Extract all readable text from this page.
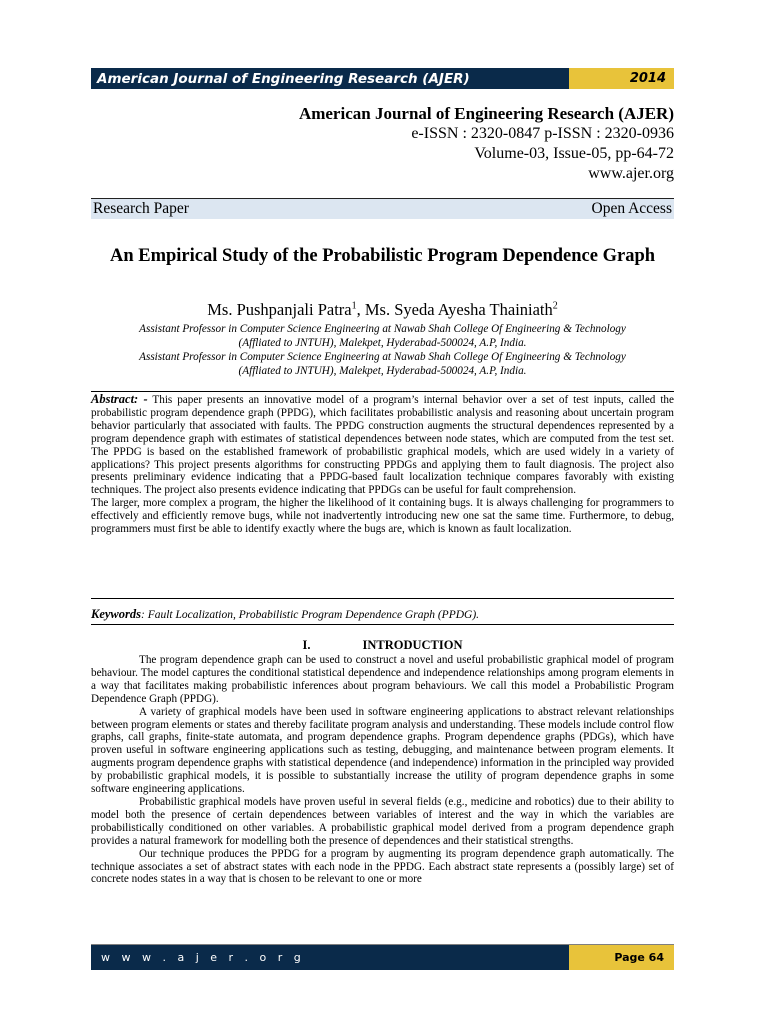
American Journal of Engineering Research (AJER)	2014
American Journal of Engineering Research (AJER)
e-ISSN : 2320-0847 p-ISSN : 2320-0936
Volume-03, Issue-05, pp-64-72
www.ajer.org
Research Paper	Open Access
An Empirical Study of the Probabilistic Program Dependence Graph
Ms. Pushpanjali Patra$^1$, Ms. Syeda Ayesha Thainiath$^2$
Assistant Professor in Computer Science Engineering at Nawab Shah College Of Engineering & Technology
(Affliated to JNTUH), Malekpet, Hyderabad-500024, A.P, India.
Assistant Professor in Computer Science Engineering at Nawab Shah College Of Engineering & Technology
(Affliated to JNTUH), Malekpet, Hyderabad-500024, A.P, India.

Abstract: - This paper presents an innovative model of a program’s internal behavior over a set of test inputs, called the probabilistic program dependence graph (PPDG), which facilitates probabilistic analysis and reasoning about uncertain program behavior particularly that associated with faults. The PPDG construction augments the structural dependences represented by a program dependence graph with estimates of statistical dependences between node states, which are computed from the test set. The PPDG is based on the established framework of probabilistic graphical models, which are used widely in a variety of applications? This project presents algorithms for constructing PPDGs and applying them to fault diagnosis. The project also presents preliminary evidence indicating that a PPDG-based fault localization technique compares favorably with existing techniques. The project also presents evidence indicating that PPDGs can be useful for fault comprehension.

The larger, more complex a program, the higher the likelihood of it containing bugs. It is always challenging for programmers to effectively and efficiently remove bugs, while not inadvertently introducing new one sat the same time. Furthermore, to debug, programmers must first be able to identify exactly where the bugs are, which is known as fault localization.

Keywords: Fault Localization, Probabilistic Program Dependence Graph (PPDG).
I.	INTRODUCTION

The program dependence graph can be used to construct a novel and useful probabilistic graphical model of program behaviour. The model captures the conditional statistical dependence and independence relationships among program elements in a way that facilitates making probabilistic inferences about program behaviours. We call this model a Probabilistic Program Dependence Graph (PPDG).

A variety of graphical models have been used in software engineering applications to abstract relevant relationships between program elements or states and thereby facilitate program analysis and understanding. These models include control flow graphs, call graphs, finite-state automata, and program dependence graphs. Program dependence graphs (PDGs), which have proven useful in software engineering applications such as testing, debugging, and maintenance between program elements. It augments program dependence graphs with statistical dependence (and independence) information in the principled way provided by probabilistic graphical models, it is possible to substantially increase the utility of program dependence graphs in some software engineering applications.

Probabilistic graphical models have proven useful in several fields (e.g., medicine and robotics) due to their ability to model both the presence of certain dependences between variables of interest and the way in which the variables are probabilistically conditioned on other variables. A probabilistic graphical model derived from a program dependence graph provides a natural framework for modelling both the presence of dependences and their statistical strengths.

Our technique produces the PPDG for a program by augmenting its program dependence graph automatically. The technique associates a set of abstract states with each node in the PPDG. Each abstract state represents a (possibly large) set of concrete nodes states in a way that is chosen to be relevant to one or more

w w w . a j e r . o r g	Page 64
